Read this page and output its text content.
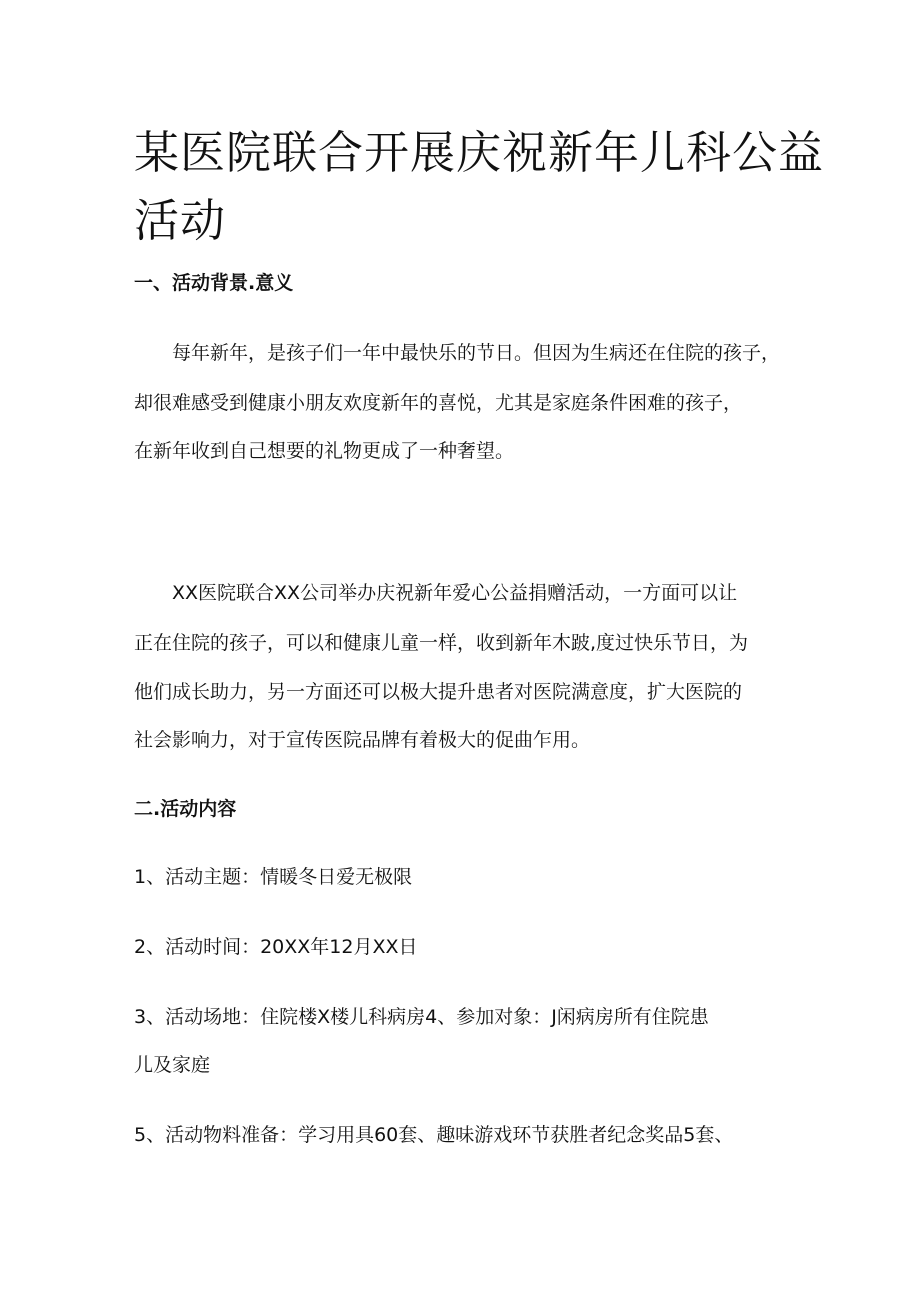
某医院联合开展庆祝新年儿科公益
活动
一、活动背景.意义
每年新年，是孩子们一年中最快乐的节日。但因为生病还在住院的孩子，
却很难感受到健康小朋友欢度新年的喜悦，尤其是家庭条件困难的孩子，
在新年收到自己想要的礼物更成了一种奢望。
XX医院联合XX公司举办庆祝新年爱心公益捐赠活动，一方面可以让
正在住院的孩子，可以和健康儿童一样，收到新年木跛,度过快乐节日，为
他们成长助力，另一方面还可以极大提升患者对医院满意度，扩大医院的
社会影响力，对于宣传医院品牌有着极大的促曲乍用。
二.活动内容
1、活动主题：情暖冬日爱无极限
2、活动时间：20XX年12月XX日
3、活动场地：住院楼X楼儿科病房4、参加对象：J闲病房所有住院患
儿及家庭
5、活动物料准备：学习用具60套、趣味游戏环节获胜者纪念奖品5套、
